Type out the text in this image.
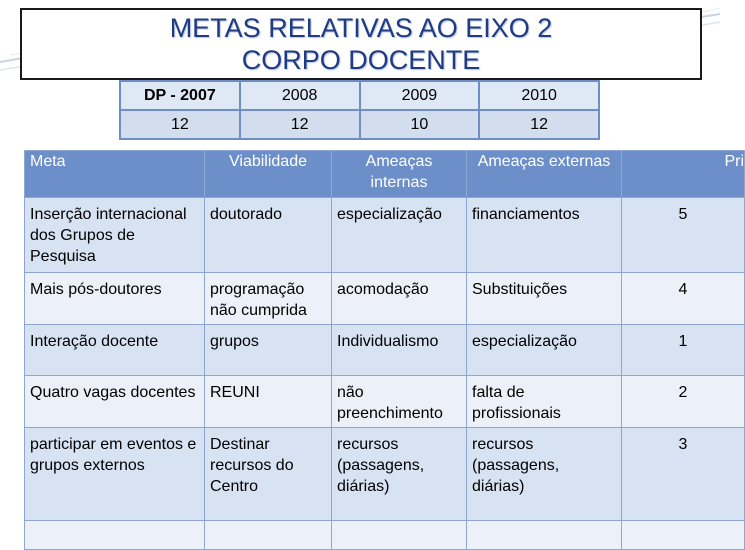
METAS RELATIVAS AO EIXO 2
CORPO DOCENTE
DP - 2007	2008	2009	2010
12	12	10	12
Meta	Viabilidade	Ameaças internas	Ameaças externas	Pri
Inserção internacional dos Grupos de Pesquisa	doutorado	especialização	financiamentos	5
Mais pós-doutores	programação não cumprida	acomodação	Substituições	4
Interação docente	grupos	Individualismo	especialização	1
Quatro vagas docentes	REUNI	não preenchimento	falta de profissionais	2
participar em eventos e grupos externos	Destinar recursos do Centro	recursos (passagens, diárias)	recursos (passagens, diárias)	3
